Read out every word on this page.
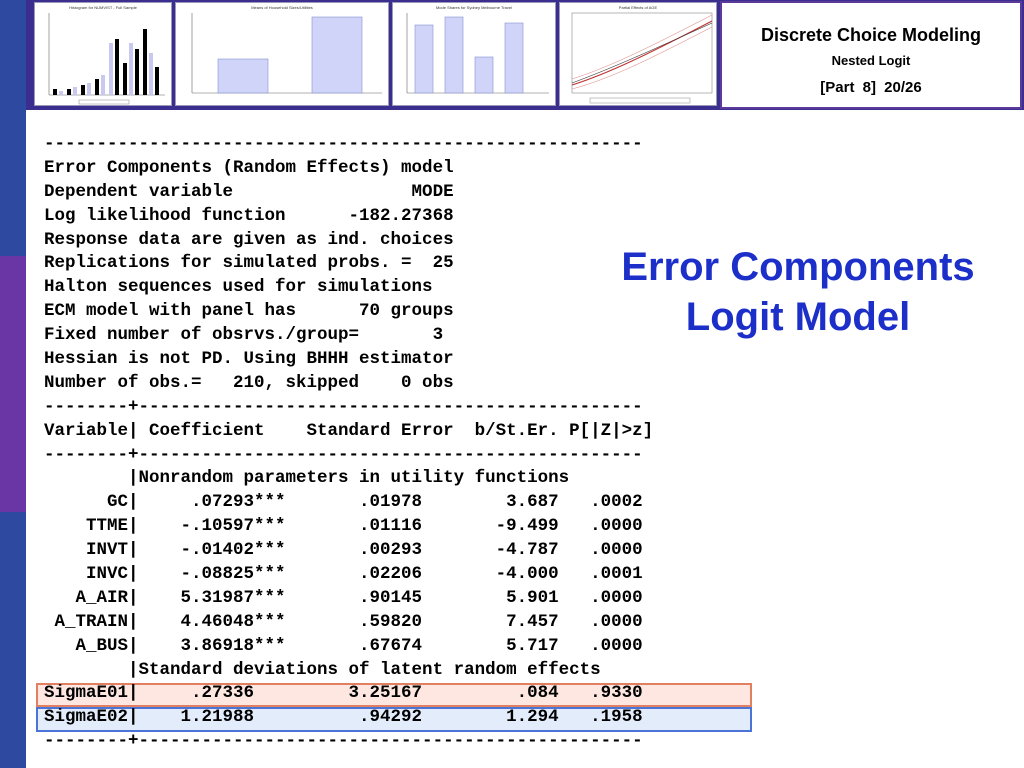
Histogram for NUMVIST - Full Sample	Means of Household Sizes/Utilities	Mode Shares for Sydney Melbourne Travel	Partial Effects of AGE
Discrete Choice Modeling
Nested Logit
[Part 8] 20/26
---------------------------------------------------------
Error Components (Random Effects) model
Dependent variable                 MODE
Log likelihood function      -182.27368
Response data are given as ind. choices
Replications for simulated probs. =  25
Halton sequences used for simulations
ECM model with panel has      70 groups
Fixed number of obsrvs./group=       3
Hessian is not PD. Using BHHH estimator
Number of obs.=   210, skipped    0 obs
--------+------------------------------------------------
Variable| Coefficient    Standard Error  b/St.Er. P[|Z|>z]
--------+------------------------------------------------
|Nonrandom parameters in utility functions
GC|     .07293***       .01978        3.687   .0002
TTME|    -.10597***       .01116       -9.499   .0000
INVT|    -.01402***       .00293       -4.787   .0000
INVC|    -.08825***       .02206       -4.000   .0001
A_AIR|    5.31987***       .90145        5.901   .0000
A_TRAIN|    4.46048***       .59820        7.457   .0000
A_BUS|    3.86918***       .67674        5.717   .0000
|Standard deviations of latent random effects
SigmaE01|     .27336         3.25167         .084   .9330
SigmaE02|    1.21988          .94292        1.294   .1958
--------+------------------------------------------------
Error Components
Logit Model
